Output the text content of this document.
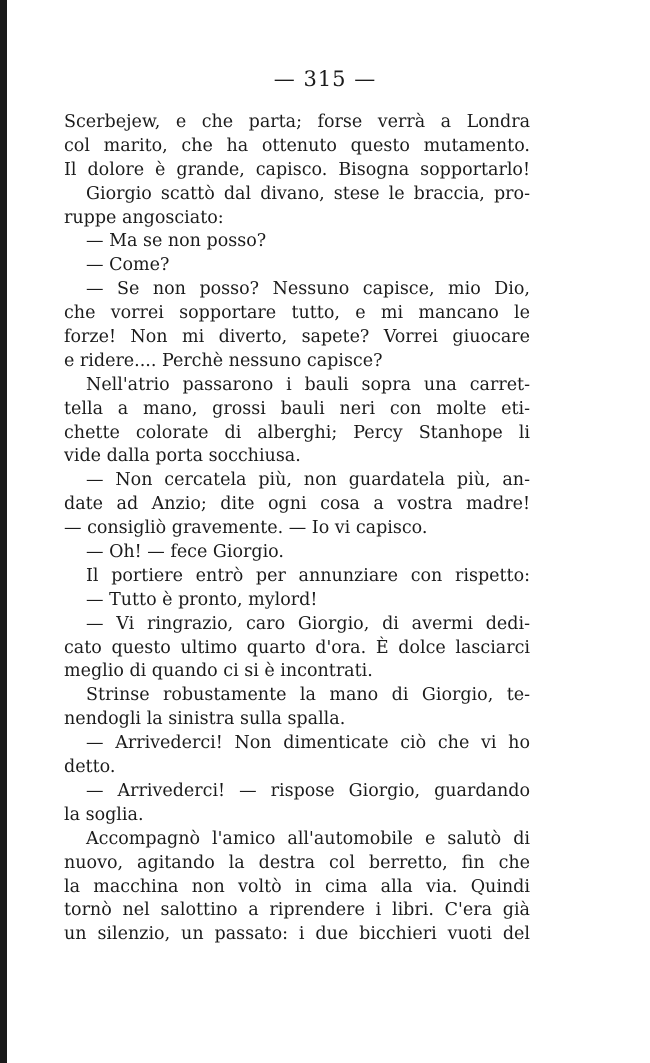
— 315 —
Scerbejew, e che parta; forse verrà a Londra
col marito, che ha ottenuto questo mutamento.
Il dolore è grande, capisco. Bisogna sopportarlo!
Giorgio scattò dal divano, stese le braccia, pro-
ruppe angosciato:
— Ma se non posso?
— Come?
— Se non posso? Nessuno capisce, mio Dio,
che vorrei sopportare tutto, e mi mancano le
forze! Non mi diverto, sapete? Vorrei giuocare
e ridere.... Perchè nessuno capisce?
Nell'atrio passarono i bauli sopra una carret-
tella a mano, grossi bauli neri con molte eti-
chette colorate di alberghi; Percy Stanhope li
vide dalla porta socchiusa.
— Non cercatela più, non guardatela più, an-
date ad Anzio; dite ogni cosa a vostra madre!
— consigliò gravemente. — Io vi capisco.
— Oh! — fece Giorgio.
Il portiere entrò per annunziare con rispetto:
— Tutto è pronto, mylord!
— Vi ringrazio, caro Giorgio, di avermi dedi-
cato questo ultimo quarto d'ora. È dolce lasciarci
meglio di quando ci si è incontrati.
Strinse robustamente la mano di Giorgio, te-
nendogli la sinistra sulla spalla.
— Arrivederci! Non dimenticate ciò che vi ho
detto.
— Arrivederci! — rispose Giorgio, guardando
la soglia.
Accompagnò l'amico all'automobile e salutò di
nuovo, agitando la destra col berretto, fin che
la macchina non voltò in cima alla via. Quindi
tornò nel salottino a riprendere i libri. C'era già
un silenzio, un passato: i due bicchieri vuoti del
